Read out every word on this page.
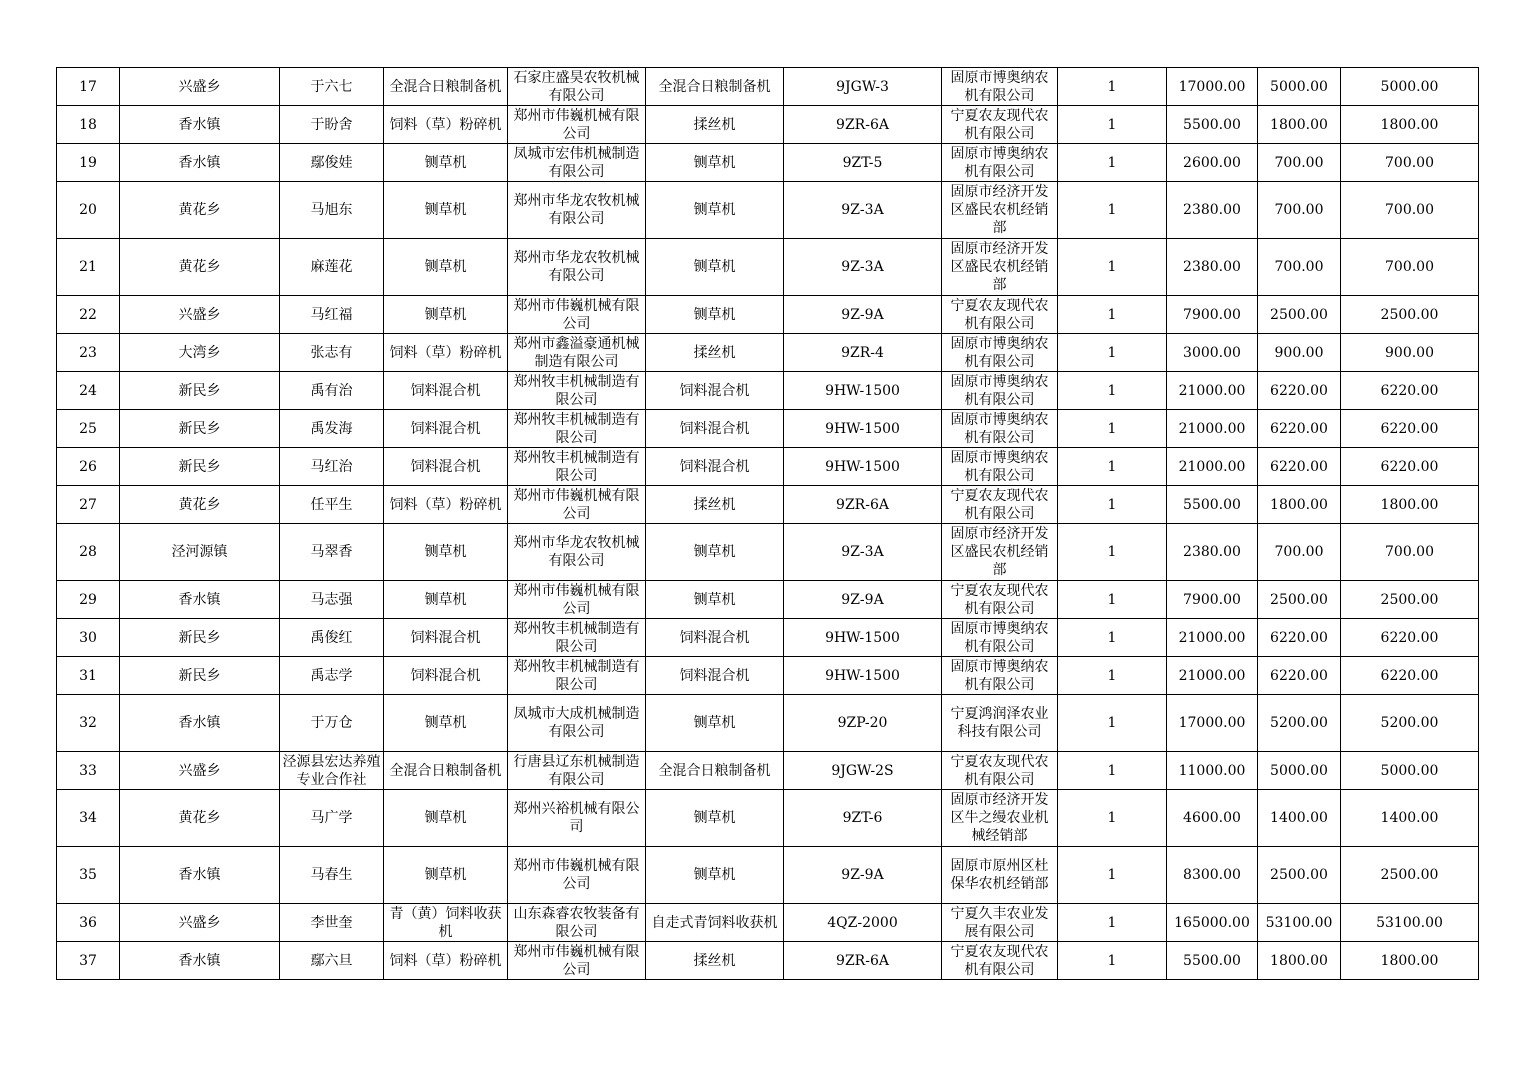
17	兴盛乡	于六七	全混合日粮制备机	石家庄盛昊农牧机械有限公司	全混合日粮制备机	9JGW-3	固原市博奥纳农机有限公司	1	17000.00	5000.00	5000.00
18	香水镇	于盼舍	饲料（草）粉碎机	郑州市伟巍机械有限公司	揉丝机	9ZR-6A	宁夏农友现代农机有限公司	1	5500.00	1800.00	1800.00
19	香水镇	鄢俊娃	铡草机	凤城市宏伟机械制造有限公司	铡草机	9ZT-5	固原市博奥纳农机有限公司	1	2600.00	700.00	700.00
20	黄花乡	马旭东	铡草机	郑州市华龙农牧机械有限公司	铡草机	9Z-3A	固原市经济开发区盛民农机经销部	1	2380.00	700.00	700.00
21	黄花乡	麻莲花	铡草机	郑州市华龙农牧机械有限公司	铡草机	9Z-3A	固原市经济开发区盛民农机经销部	1	2380.00	700.00	700.00
22	兴盛乡	马红福	铡草机	郑州市伟巍机械有限公司	铡草机	9Z-9A	宁夏农友现代农机有限公司	1	7900.00	2500.00	2500.00
23	大湾乡	张志有	饲料（草）粉碎机	郑州市鑫溢豪通机械制造有限公司	揉丝机	9ZR-4	固原市博奥纳农机有限公司	1	3000.00	900.00	900.00
24	新民乡	禹有治	饲料混合机	郑州牧丰机械制造有限公司	饲料混合机	9HW-1500	固原市博奥纳农机有限公司	1	21000.00	6220.00	6220.00
25	新民乡	禹发海	饲料混合机	郑州牧丰机械制造有限公司	饲料混合机	9HW-1500	固原市博奥纳农机有限公司	1	21000.00	6220.00	6220.00
26	新民乡	马红治	饲料混合机	郑州牧丰机械制造有限公司	饲料混合机	9HW-1500	固原市博奥纳农机有限公司	1	21000.00	6220.00	6220.00
27	黄花乡	任平生	饲料（草）粉碎机	郑州市伟巍机械有限公司	揉丝机	9ZR-6A	宁夏农友现代农机有限公司	1	5500.00	1800.00	1800.00
28	泾河源镇	马翠香	铡草机	郑州市华龙农牧机械有限公司	铡草机	9Z-3A	固原市经济开发区盛民农机经销部	1	2380.00	700.00	700.00
29	香水镇	马志强	铡草机	郑州市伟巍机械有限公司	铡草机	9Z-9A	宁夏农友现代农机有限公司	1	7900.00	2500.00	2500.00
30	新民乡	禹俊红	饲料混合机	郑州牧丰机械制造有限公司	饲料混合机	9HW-1500	固原市博奥纳农机有限公司	1	21000.00	6220.00	6220.00
31	新民乡	禹志学	饲料混合机	郑州牧丰机械制造有限公司	饲料混合机	9HW-1500	固原市博奥纳农机有限公司	1	21000.00	6220.00	6220.00
32	香水镇	于万仓	铡草机	凤城市大成机械制造有限公司	铡草机	9ZP-20	宁夏鸿润泽农业科技有限公司	1	17000.00	5200.00	5200.00
33	兴盛乡	泾源县宏达养殖专业合作社	全混合日粮制备机	行唐县辽东机械制造有限公司	全混合日粮制备机	9JGW-2S	宁夏农友现代农机有限公司	1	11000.00	5000.00	5000.00
34	黄花乡	马广学	铡草机	郑州兴裕机械有限公司	铡草机	9ZT-6	固原市经济开发区牛之缦农业机械经销部	1	4600.00	1400.00	1400.00
35	香水镇	马春生	铡草机	郑州市伟巍机械有限公司	铡草机	9Z-9A	固原市原州区杜保华农机经销部	1	8300.00	2500.00	2500.00
36	兴盛乡	李世奎	青（黄）饲料收获机	山东森睿农牧装备有限公司	自走式青饲料收获机	4QZ-2000	宁夏久丰农业发展有限公司	1	165000.00	53100.00	53100.00
37	香水镇	鄢六旦	饲料（草）粉碎机	郑州市伟巍机械有限公司	揉丝机	9ZR-6A	宁夏农友现代农机有限公司	1	5500.00	1800.00	1800.00
